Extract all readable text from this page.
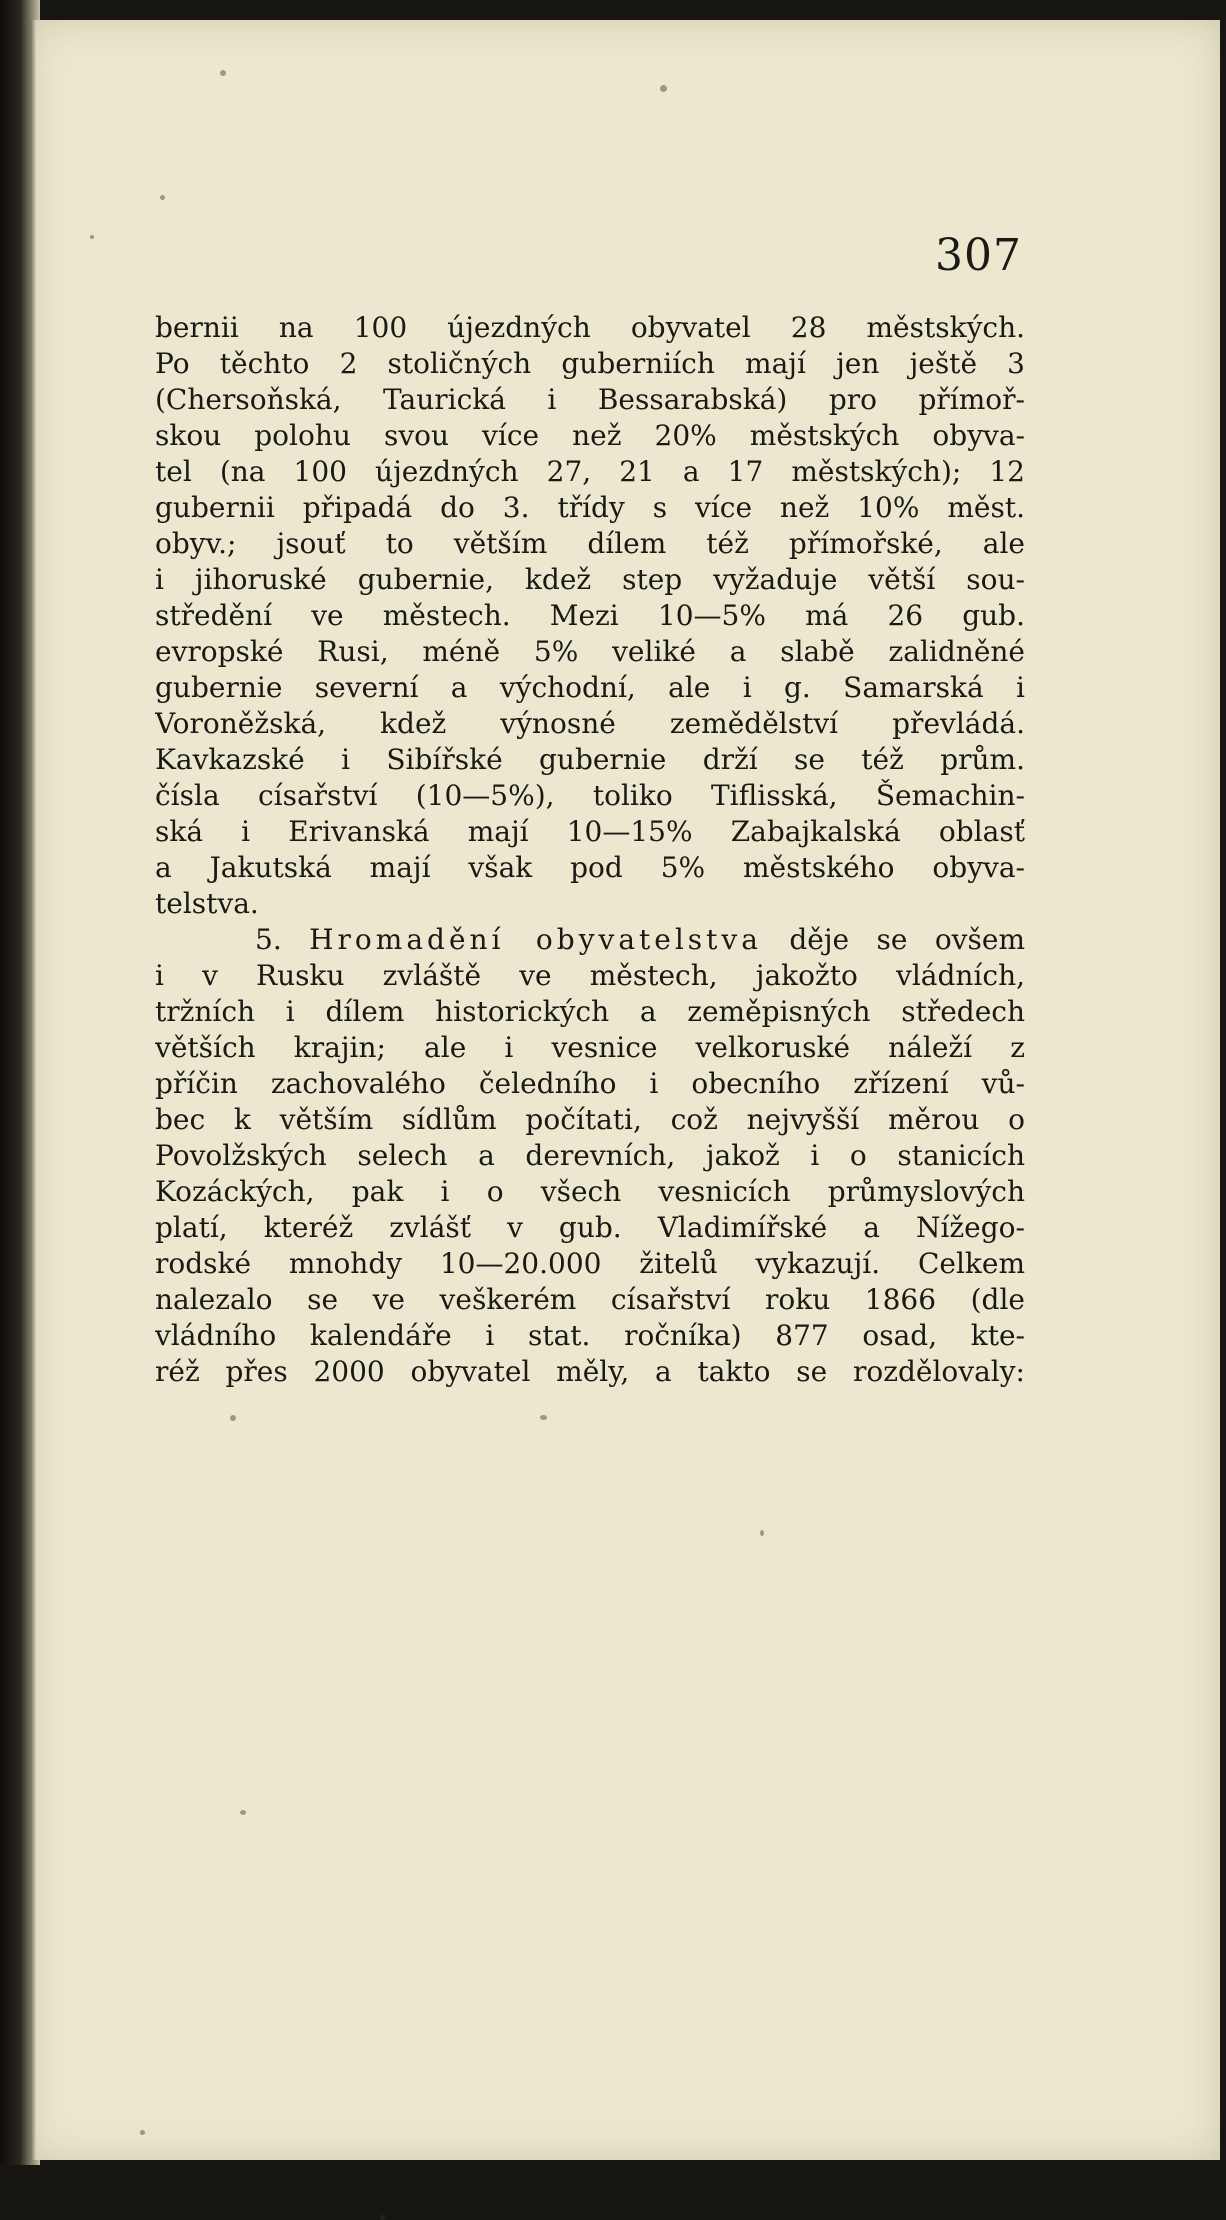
307
bernii na 100 újezdných obyvatel 28 městských.
Po těchto 2 stoličných guberniích mají jen ještě 3
(Chersoňská, Taurická i Bessarabská) pro přímoř-
skou polohu svou více než 20% městských obyva-
tel (na 100 újezdných 27, 21 a 17 městských); 12
gubernii připadá do 3. třídy s více než 10% měst.
obyv.; jsouť to větším dílem též přímořské, ale
i jihoruské gubernie, kdež step vyžaduje větší sou-
středění ve městech. Mezi 10—5% má 26 gub.
evropské Rusi, méně 5% veliké a slabě zalidněné
gubernie severní a východní, ale i g. Samarská i
Voroněžská, kdež výnosné zemědělství převládá.
Kavkazské i Sibířské gubernie drží se též prům.
čísla císařství (10—5%), toliko Tiflisská, Šemachin-
ská i Erivanská mají 10—15% Zabajkalská oblasť
a Jakutská mají však pod 5% městského obyva-
telstva.
5. Hromadění obyvatelstva děje se ovšem
i v Rusku zvláště ve městech, jakožto vládních,
tržních i dílem historických a zeměpisných středech
větších krajin; ale i vesnice velkoruské náleží z
příčin zachovalého čeledního i obecního zřízení vů-
bec k větším sídlům počítati, což nejvyšší měrou o
Povolžských selech a derevních, jakož i o stanicích
Kozáckých, pak i o všech vesnicích průmyslových
platí, kteréž zvlášť v gub. Vladimířské a Nížego-
rodské mnohdy 10—20.000 žitelů vykazují. Celkem
nalezalo se ve veškerém císařství roku 1866 (dle
vládního kalendáře i stat. ročníka) 877 osad, kte-
réž přes 2000 obyvatel měly, a takto se rozdělovaly:
